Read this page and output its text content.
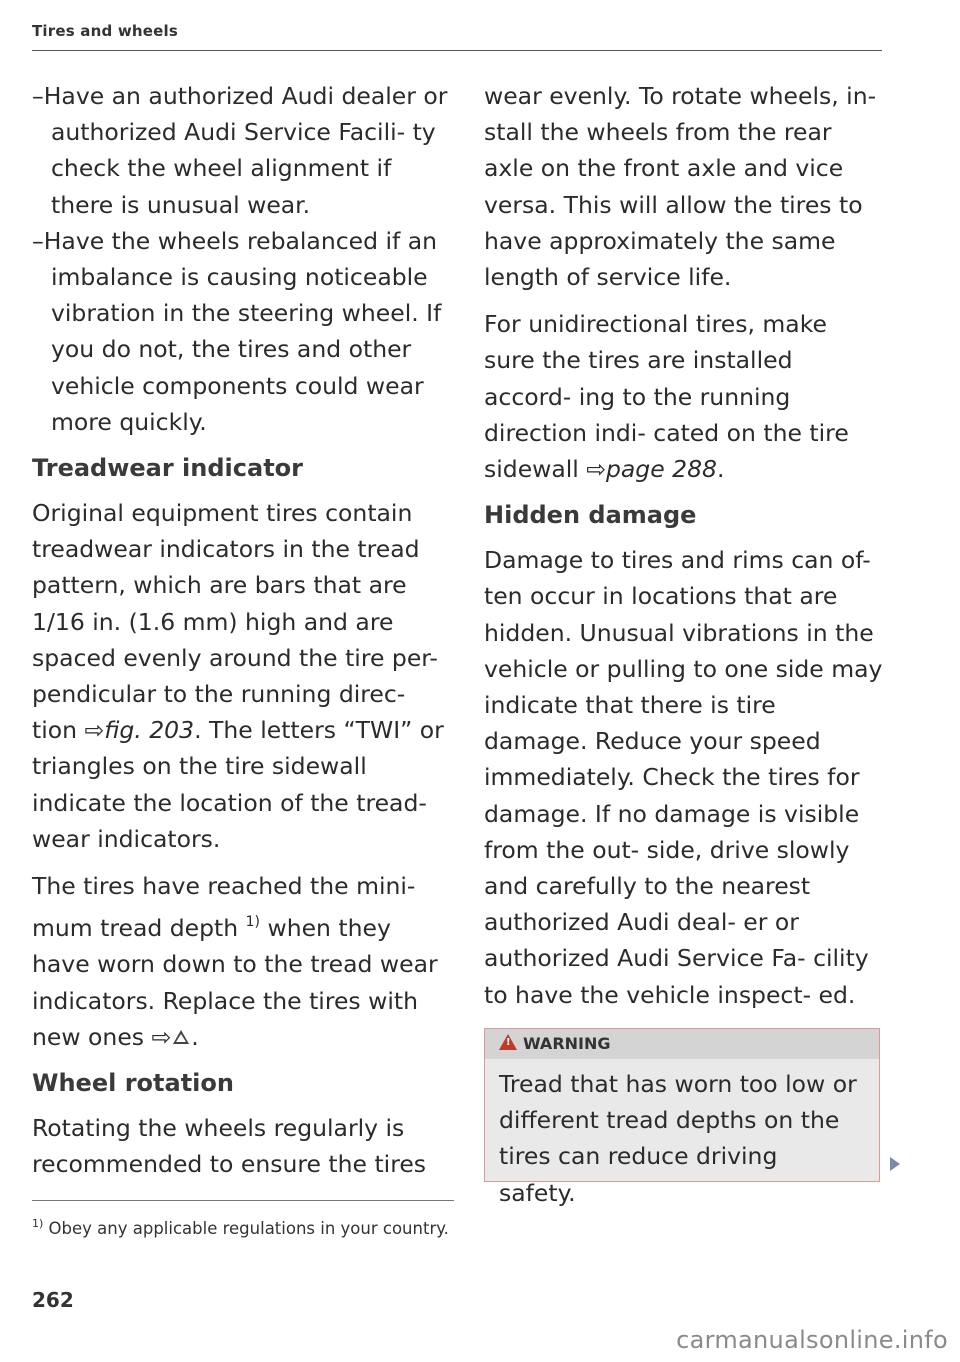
Tires and wheels

–Have an authorized Audi dealer or authorized Audi Service Facili- ty check the wheel alignment if there is unusual wear.

–Have the wheels rebalanced if an imbalance is causing noticeable vibration in the steering wheel. If you do not, the tires and other vehicle components could wear more quickly.

Treadwear indicator

Original equipment tires contain treadwear indicators in the tread pattern, which are bars that are 1/16 in. (1.6 mm) high and are spaced evenly around the tire per- pendicular to the running direc- tion ⇨fig. 203. The letters “TWI” or triangles on the tire sidewall indicate the location of the tread- wear indicators.

The tires have reached the mini- mum tread depth $^{1)}$ when they have worn down to the tread wear indicators. Replace the tires with new ones ⇨ .

Wheel rotation

Rotating the wheels regularly is recommended to ensure the tires

wear evenly. To rotate wheels, in- stall the wheels from the rear axle on the front axle and vice versa. This will allow the tires to have approximately the same length of service life.

For unidirectional tires, make sure the tires are installed accord- ing to the running direction indi- cated on the tire sidewall ⇨page 288.

Hidden damage

Damage to tires and rims can of- ten occur in locations that are hidden. Unusual vibrations in the vehicle or pulling to one side may indicate that there is tire damage. Reduce your speed immediately. Check the tires for damage. If no damage is visible from the out- side, drive slowly and carefully to the nearest authorized Audi deal- er or authorized Audi Service Fa- cility to have the vehicle inspect- ed.

!WARNING
Tread that has worn too low or different tread depths on the tires can reduce driving safety.
$^{1)}$ Obey any applicable regulations in your country.
262
carmanualsonline.info
